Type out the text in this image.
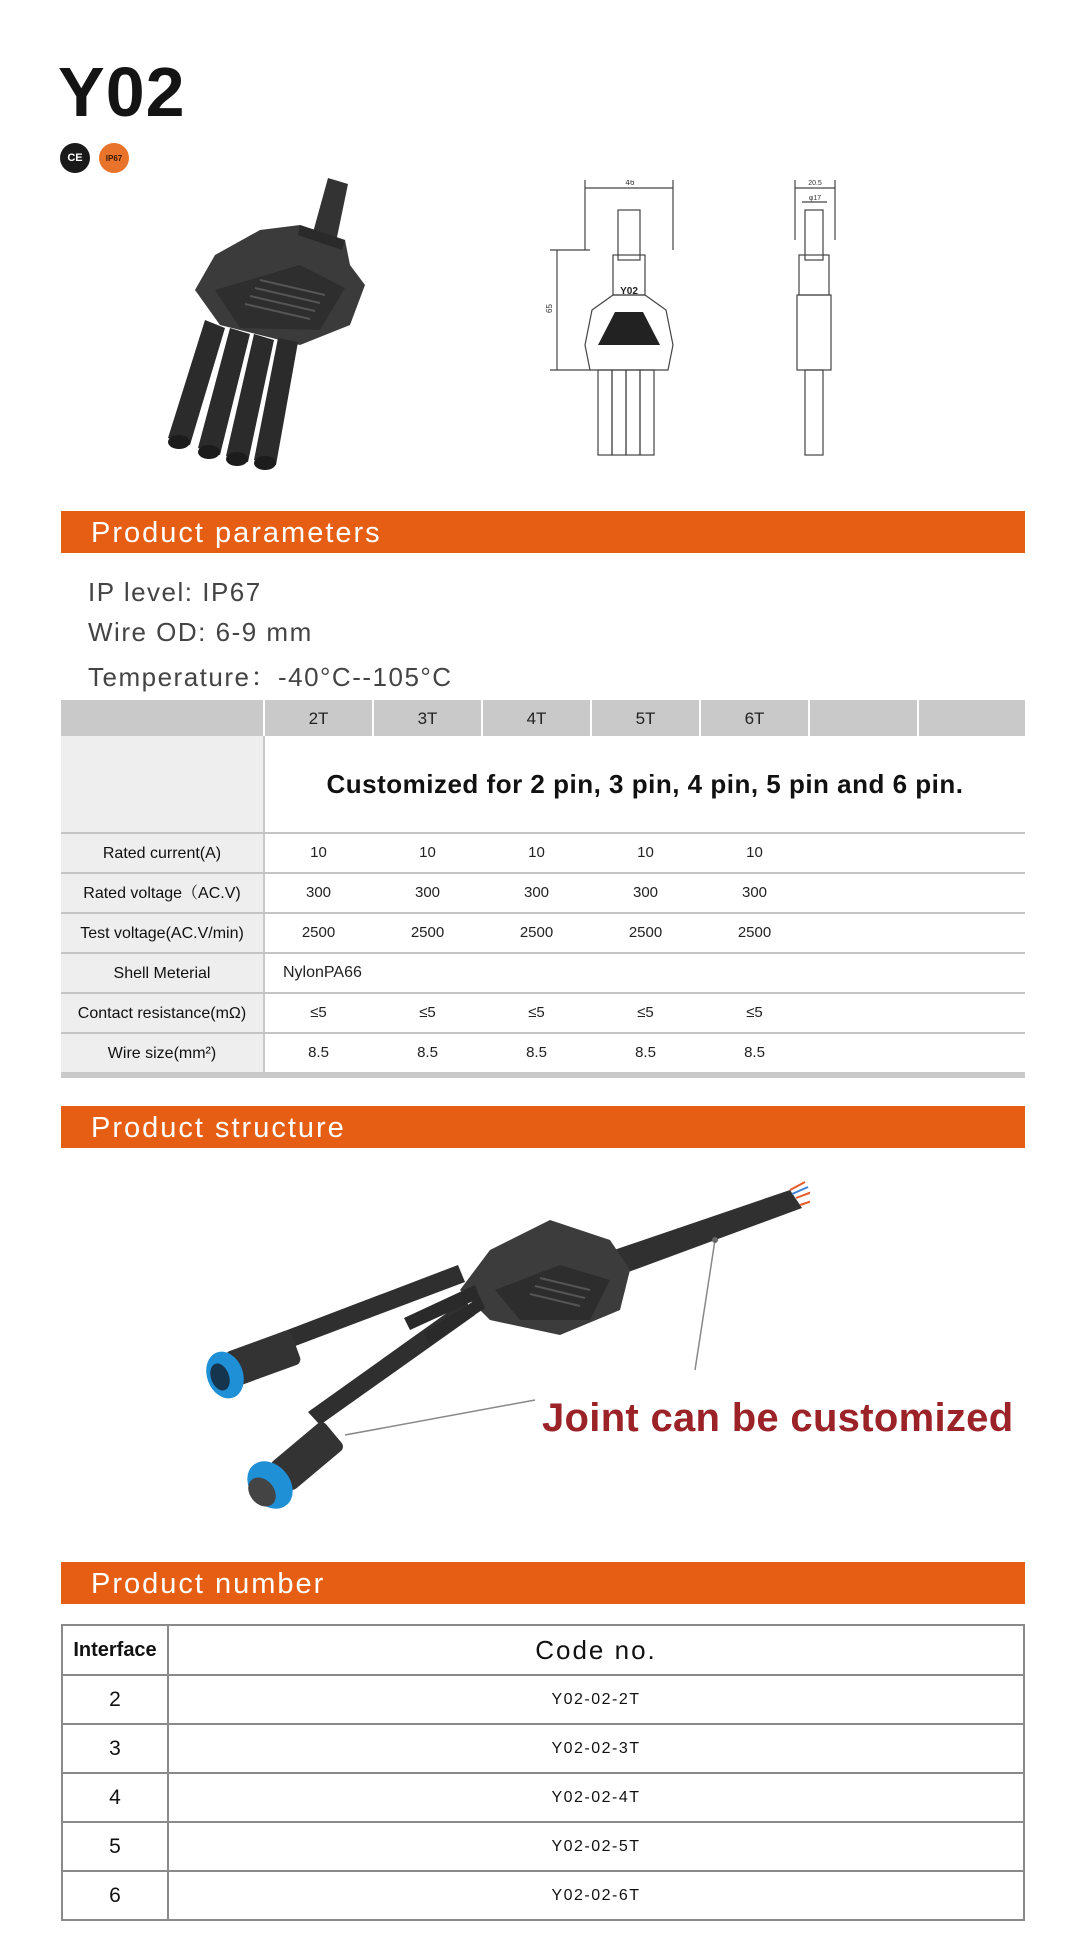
Y02
CE	IP67
46
65
Y02
20.5
φ17
Product parameters
IP level: IP67
Wire OD: 6-9 mm
Temperature：-40°C--105°C
2T	3T	4T	5T	6T
Customized for 2 pin, 3 pin, 4 pin, 5 pin and 6 pin.
Rated current(A)	10	10	10	10	10
Rated voltage（AC.V)	300	300	300	300	300
Test voltage(AC.V/min)	2500	2500	2500	2500	2500
Shell Meterial	NylonPA66
Contact resistance(mΩ)	≤5	≤5	≤5	≤5	≤5
Wire size(mm²)	8.5	8.5	8.5	8.5	8.5
Product structure
Joint can be customized
Product number
Interface	Code no.
2	Y02-02-2T
3	Y02-02-3T
4	Y02-02-4T
5	Y02-02-5T
6	Y02-02-6T
